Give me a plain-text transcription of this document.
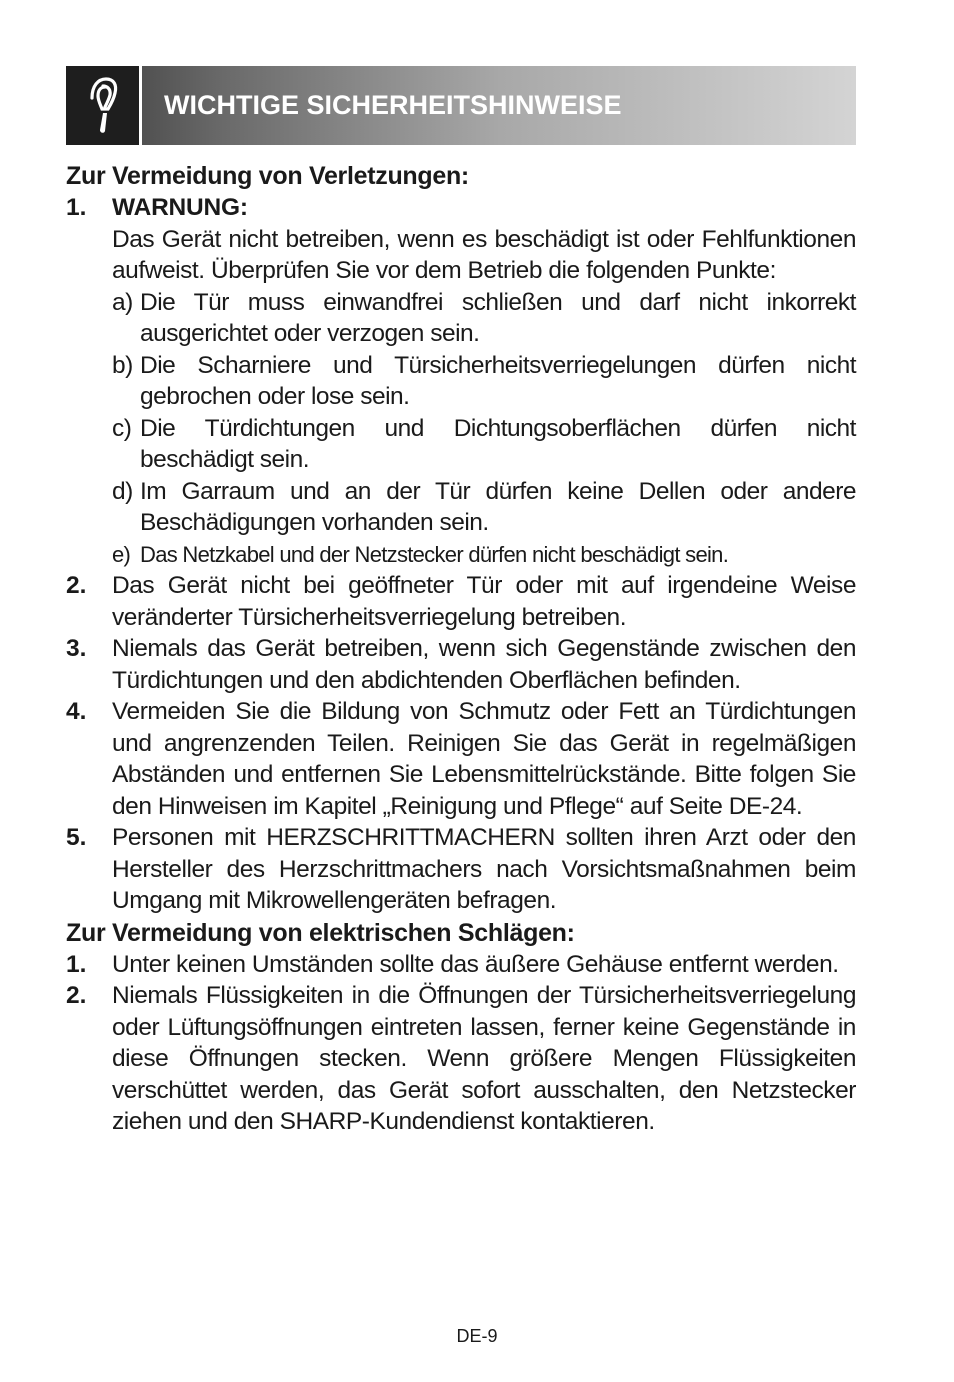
WICHTIGE SICHERHEITSHINWEISE
Zur Vermeidung von Verletzungen:
1.	WARNUNG:
Das Gerät nicht betreiben, wenn es beschädigt ist oder Fehlfunktionen aufweist. Überprüfen Sie vor dem Betrieb die folgenden Punkte:
a) Die Tür muss einwandfrei schließen und darf nicht inkorrekt ausgerichtet oder verzogen sein.
b) Die Scharniere und Türsicherheitsverriegelungen dürfen nicht gebrochen oder lose sein.
c) Die Türdichtungen und Dichtungsoberflächen dürfen nicht beschädigt sein.
d) Im Garraum und an der Tür dürfen keine Dellen oder andere Beschädigungen vorhanden sein.
e) Das Netzkabel und der Netzstecker dürfen nicht beschädigt sein.
2.	Das Gerät nicht bei geöffneter Tür oder mit auf irgendeine Weise veränderter Türsicherheitsverriegelung betreiben.
3.	Niemals das Gerät betreiben, wenn sich Gegenstände zwischen den Türdichtungen und den abdichtenden Oberflächen befinden.
4.	Vermeiden Sie die Bildung von Schmutz oder Fett an Türdichtungen und angrenzenden Teilen. Reinigen Sie das Gerät in regelmäßigen Abständen und entfernen Sie Lebensmittelrückstände. Bitte folgen Sie den Hinweisen im Kapitel „Reinigung und Pflege“ auf Seite DE-24.
5.	Personen mit HERZSCHRITTMACHERN sollten ihren Arzt oder den Hersteller des Herzschrittmachers nach Vorsichtsmaßnahmen beim Umgang mit Mikrowellengeräten befragen.
Zur Vermeidung von elektrischen Schlägen:
1.	Unter keinen Umständen sollte das äußere Gehäuse entfernt werden.
2.	Niemals Flüssigkeiten in die Öffnungen der Türsicherheitsverriegelung oder Lüftungsöffnungen eintreten lassen, ferner keine Gegenstände in diese Öffnungen stecken. Wenn größere Mengen Flüssigkeiten verschüttet werden, das Gerät sofort ausschalten, den Netzstecker ziehen und den SHARP-Kundendienst kontaktieren.
DE-9
